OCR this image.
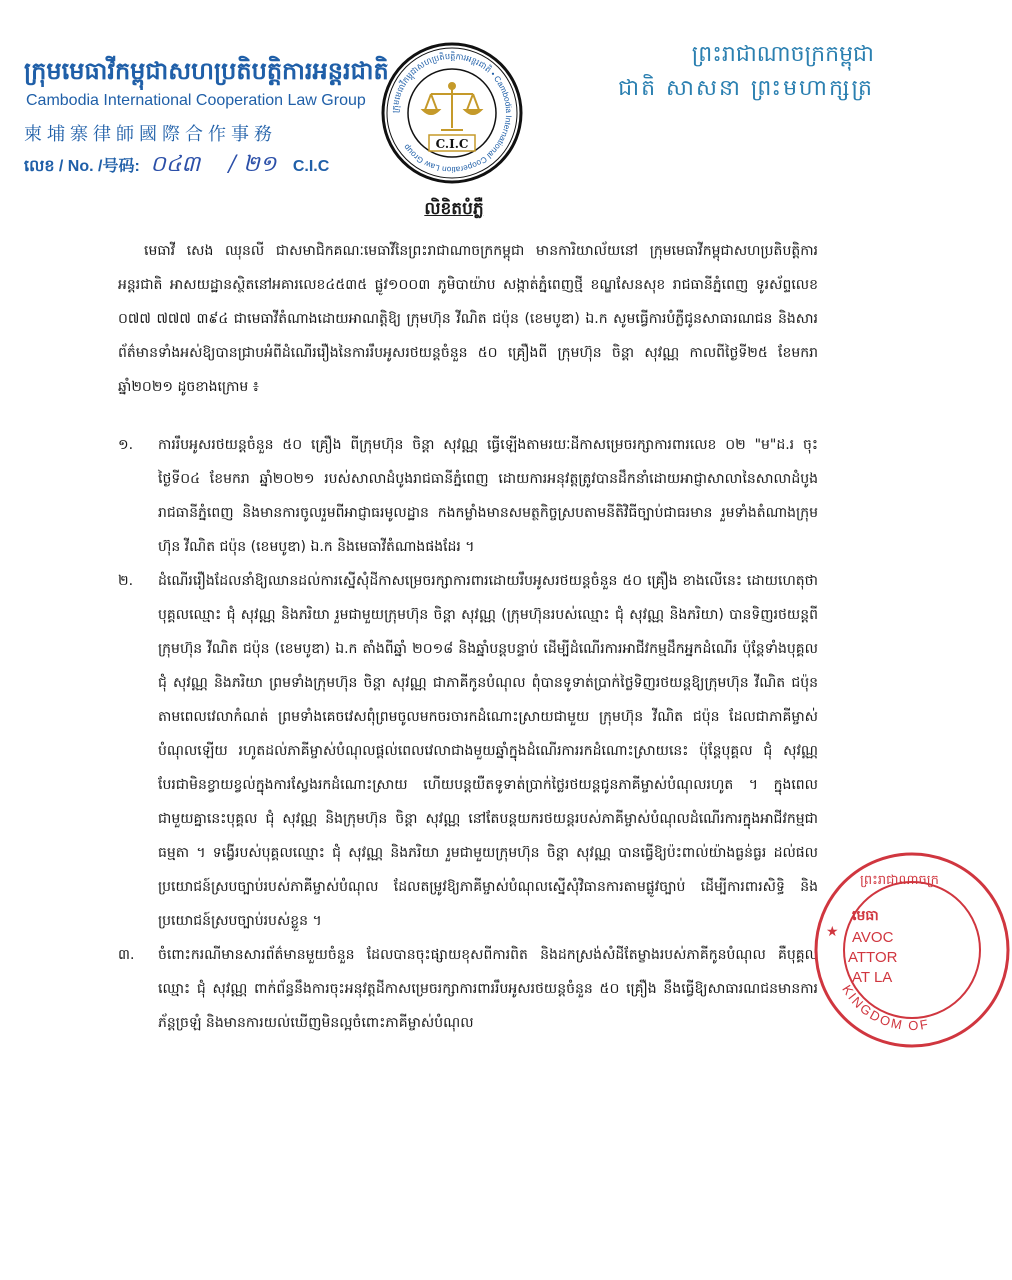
ក្រុមមេធាវីកម្ពុជាសហប្រតិបត្តិការអន្តរជាតិ
Cambodia International Cooperation Law Group
柬埔寨律師國際合作事務
លេខ / No. /号码: ០៤៣ / ២១ C.I.C
ក្រុមមេធាវីកម្ពុជាសហប្រតិបត្តិការអន្តរជាតិ • Cambodia International Cooperation Law Group	C.I.C
ព្រះរាជាណាចក្រកម្ពុជា
ជាតិ សាសនា ព្រះមហាក្សត្រ
លិខិតបំភ្លឺ

មេធាវី សេង ឈុនលី ជាសមាជិកគណៈមេធាវីនៃព្រះរាជាណាចក្រកម្ពុជា មានការិយាល័យនៅ ក្រុមមេធាវីកម្ពុជាសហប្រតិបត្តិការអន្តរជាតិ អាសយដ្ឋានស្ថិតនៅអគារលេខ៤៥៣៥ ផ្លូវ១០០៣ ភូមិបាយ៉ាប សង្កាត់ភ្នំពេញថ្មី ខណ្ឌសែនសុខ រាជធានីភ្នំពេញ ទូរស័ព្ទលេខ ០៧៧ ៧៧៧ ៣៩៤ ជាមេធាវីតំណាងដោយអាណត្តិឱ្យ ក្រុមហ៊ុន វីណិត ជប៉ុន (ខេមបូឌា) ឯ.ក សូមធ្វើការបំភ្លឺជូនសាធារណជន និងសារព័ត៌មានទាំងអស់ឱ្យបានជ្រាបអំពីដំណើររឿងនៃការរឹបអូសរថយន្តចំនួន ៥០ គ្រឿងពី ក្រុមហ៊ុន ចិន្តា សុវណ្ណ កាលពីថ្ងៃទី២៥ ខែមករា ឆ្នាំ២០២១ ដូចខាងក្រោម ៖

១.	ការរឹបអូសរថយន្តចំនួន ៥០ គ្រឿង ពីក្រុមហ៊ុន ចិន្តា សុវណ្ណ ធ្វើឡើងតាមរយៈដីកាសម្រេចរក្សាការពារលេខ ០២ "ម"ដ.រ ចុះថ្ងៃទី០៤ ខែមករា ឆ្នាំ២០២១ របស់សាលាដំបូងរាជធានីភ្នំពេញ ដោយការអនុវត្តត្រូវបានដឹកនាំដោយអាជ្ញាសាលានៃសាលាដំបូងរាជធានីភ្នំពេញ និងមានការចូលរួមពីអាជ្ញាធរមូលដ្ឋាន កងកម្លាំងមានសមត្ថកិច្ចស្របតាមនីតិវិធីច្បាប់ជាធរមាន រួមទាំងតំណាងក្រុមហ៊ុន វីណិត ជប៉ុន (ខេមបូឌា) ឯ.ក និងមេធាវីតំណាងផងដែរ ។

២.	ដំណើររឿងដែលនាំឱ្យឈានដល់ការស្នើសុំដីកាសម្រេចរក្សាការពារដោយរឹបអូសរថយន្តចំនួន ៥០ គ្រឿង ខាងលើនេះ ដោយហេតុថា បុគ្គលឈ្មោះ ជុំ សុវណ្ណ និងភរិយា រួមជាមួយក្រុមហ៊ុន ចិន្តា សុវណ្ណ (ក្រុមហ៊ុនរបស់ឈ្មោះ ជុំ សុវណ្ណ និងភរិយា) បានទិញរថយន្តពីក្រុមហ៊ុន វីណិត ជប៉ុន (ខេមបូឌា) ឯ.ក តាំងពីឆ្នាំ ២០១៨ និងឆ្នាំបន្តបន្ទាប់ ដើម្បីដំណើរការអាជីវកម្មដឹកអ្នកដំណើរ ប៉ុន្តែទាំងបុគ្គល ជុំ សុវណ្ណ និងភរិយា ព្រមទាំងក្រុមហ៊ុន ចិន្តា សុវណ្ណ ជាភាគីកូនបំណុល ពុំបានទូទាត់ប្រាក់ថ្លៃទិញរថយន្តឱ្យក្រុមហ៊ុន វីណិត ជប៉ុន តាមពេលវេលាកំណត់ ព្រមទាំងគេចវេសពុំព្រមចូលមកចរចារកដំណោះស្រាយជាមួយ ក្រុមហ៊ុន វីណិត ជប៉ុន ដែលជាភាគីម្ចាស់បំណុលឡើយ រហូតដល់ភាគីម្ចាស់បំណុលផ្តល់ពេលវេលាជាងមួយឆ្នាំក្នុងដំណើរការរកដំណោះស្រាយនេះ ប៉ុន្តែបុគ្គល ជុំ សុវណ្ណ បែរជាមិនខ្វាយខ្វល់ក្នុងការស្វែងរកដំណោះស្រាយ ហើយបន្តយឺតទូទាត់ប្រាក់ថ្លៃរថយន្តជូនភាគីម្ចាស់បំណុលរហូត ។ ក្នុងពេលជាមួយគ្នានេះបុគ្គល ជុំ សុវណ្ណ និងក្រុមហ៊ុន ចិន្តា សុវណ្ណ នៅតែបន្តយករថយន្តរបស់ភាគីម្ចាស់បំណុលដំណើរការក្នុងអាជីវកម្មជាធម្មតា ។ ទង្វើរបស់បុគ្គលឈ្មោះ ជុំ សុវណ្ណ និងភរិយា រួមជាមួយក្រុមហ៊ុន ចិន្តា សុវណ្ណ បានធ្វើឱ្យប៉ះពាល់យ៉ាងធ្ងន់ធ្ងរ ដល់ផលប្រយោជន៍ស្របច្បាប់របស់ភាគីម្ចាស់បំណុល ដែលតម្រូវឱ្យភាគីម្ចាស់បំណុលស្នើសុំវិធានការតាមផ្លូវច្បាប់ ដើម្បីការពារសិទ្ធិ និងប្រយោជន៍ស្របច្បាប់របស់ខ្លួន ។

៣.	ចំពោះករណីមានសារព័ត៌មានមួយចំនួន ដែលបានចុះផ្សាយខុសពីការពិត និងដកស្រង់សំដីតែម្ខាងរបស់ភាគីកូនបំណុល គឺបុគ្គលឈ្មោះ ជុំ សុវណ្ណ ពាក់ព័ន្ធនឹងការចុះអនុវត្តដីកាសម្រេចរក្សាការពាររឹបអូសរថយន្តចំនួន ៥០ គ្រឿង នឹងធ្វើឱ្យសាធារណជនមានការភ័ន្តច្រឡំ និងមានការយល់ឃើញមិនល្អចំពោះភាគីម្ចាស់បំណុល

KINGDOM OF
ព្រះរាជាណាចក្រ
មេធា
AVOC
ATTOR
AT LA
★
